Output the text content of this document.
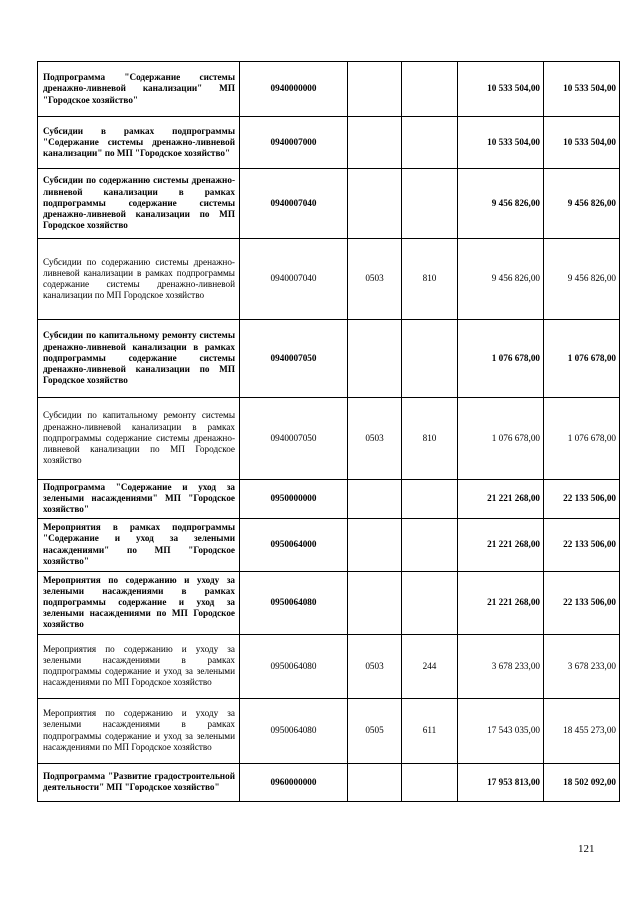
Подпрограмма "Содержание системы дренажно-ливневой канализации" МП "Городское хозяйство"	0940000000			10 533 504,00	10 533 504,00
Субсидии в рамках подпрограммы "Содержание системы дренажно-ливневой канализации" по МП "Городское хозяйство"	0940007000			10 533 504,00	10 533 504,00
Субсидии по содержанию системы дренажно-ливневой канализации в рамках подпрограммы содержание системы дренажно-ливневой канализации по МП Городское хозяйство	0940007040			9 456 826,00	9 456 826,00
Субсидии по содержанию системы дренажно-ливневой канализации в рамках подпрограммы содержание системы дренажно-ливневой канализации по МП Городское хозяйство	0940007040	0503	810	9 456 826,00	9 456 826,00
Субсидии по капитальному ремонту системы дренажно-ливневой канализации в рамках подпрограммы содержание системы дренажно-ливневой канализации по МП Городское хозяйство	0940007050			1 076 678,00	1 076 678,00
Субсидии по капитальному ремонту системы дренажно-ливневой канализации в рамках подпрограммы содержание системы дренажно-ливневой канализации по МП Городское хозяйство	0940007050	0503	810	1 076 678,00	1 076 678,00
Подпрограмма "Содержание и уход за зелеными насаждениями" МП "Городское хозяйство"	0950000000			21 221 268,00	22 133 506,00
Мероприятия в рамках подпрограммы "Содержание и уход за зелеными насаждениями" по МП "Городское хозяйство"	0950064000			21 221 268,00	22 133 506,00
Мероприятия по содержанию и уходу за зелеными насаждениями в рамках подпрограммы содержание и уход за зелеными насаждениями по МП Городское хозяйство	0950064080			21 221 268,00	22 133 506,00
Мероприятия по содержанию и уходу за зелеными насаждениями в рамках подпрограммы содержание и уход за зелеными насаждениями по МП Городское хозяйство	0950064080	0503	244	3 678 233,00	3 678 233,00
Мероприятия по содержанию и уходу за зелеными насаждениями в рамках подпрограммы содержание и уход за зелеными насаждениями по МП Городское хозяйство	0950064080	0505	611	17 543 035,00	18 455 273,00
Подпрограмма "Развитие градостроительной деятельности" МП "Городское хозяйство"	0960000000			17 953 813,00	18 502 092,00
121
